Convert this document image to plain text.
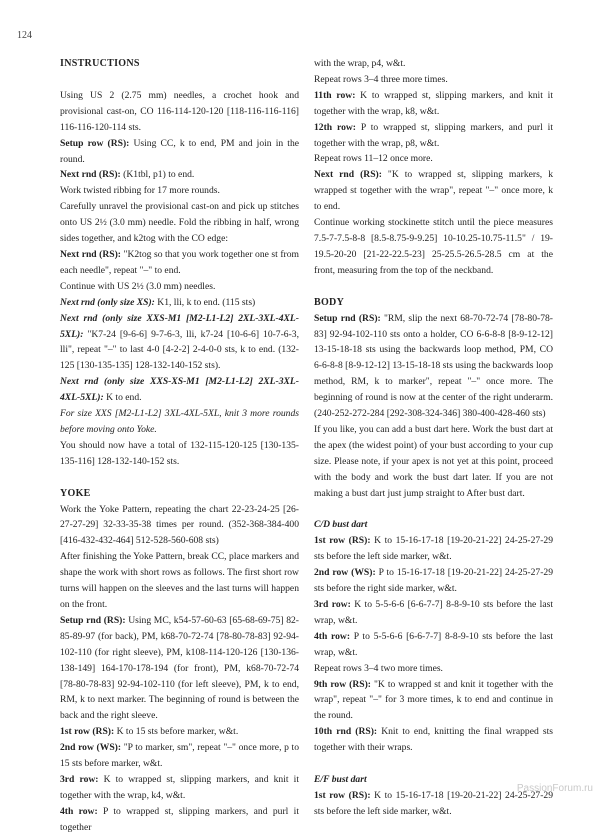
124
INSTRUCTIONS

Using US 2 (2.75 mm) needles, a crochet hook and provisional cast-on, CO 116-114-120-120 [118-116-116-116] 116-116-120-114 sts.

Setup row (RS): Using CC, k to end, PM and join in the round.

Next rnd (RS): (K1tbl, p1) to end.

Work twisted ribbing for 17 more rounds.

Carefully unravel the provisional cast-on and pick up stitches onto US 2½ (3.0 mm) needle. Fold the ribbing in half, wrong sides together, and k2tog with the CO edge:

Next rnd (RS): "K2tog so that you work together one st from each needle", repeat "–" to end.

Continue with US 2½ (3.0 mm) needles.

Next rnd (only size XS): K1, lli, k to end. (115 sts)

Next rnd (only size XXS-M1 [M2-L1-L2] 2XL-3XL-4XL-5XL): "K7-24 [9-6-6] 9-7-6-3, lli, k7-24 [10-6-6] 10-7-6-3, lli", repeat "–" to last 4-0 [4-2-2] 2-4-0-0 sts, k to end. (132-125 [130-135-135] 128-132-140-152 sts).

Next rnd (only size XXS-XS-M1 [M2-L1-L2] 2XL-3XL-4XL-5XL): K to end.

For size XXS [M2-L1-L2] 3XL-4XL-5XL, knit 3 more rounds before moving onto Yoke.

You should now have a total of 132-115-120-125 [130-135-135-116] 128-132-140-152 sts.

YOKE

Work the Yoke Pattern, repeating the chart 22-23-24-25 [26-27-27-29] 32-33-35-38 times per round. (352-368-384-400 [416-432-432-464] 512-528-560-608 sts)

After finishing the Yoke Pattern, break CC, place markers and shape the work with short rows as follows. The first short row turns will happen on the sleeves and the last turns will happen on the front.

Setup rnd (RS): Using MC, k54-57-60-63 [65-68-69-75] 82-85-89-97 (for back), PM, k68-70-72-74 [78-80-78-83] 92-94-102-110 (for right sleeve), PM, k108-114-120-126 [130-136-138-149] 164-170-178-194 (for front), PM, k68-70-72-74 [78-80-78-83] 92-94-102-110 (for left sleeve), PM, k to end, RM, k to next marker. The beginning of round is between the back and the right sleeve.

1st row (RS): K to 15 sts before marker, w&t.

2nd row (WS): "P to marker, sm", repeat "–" once more, p to 15 sts before marker, w&t.

3rd row: K to wrapped st, slipping markers, and knit it together with the wrap, k4, w&t.

4th row: P to wrapped st, slipping markers, and purl it together

with the wrap, p4, w&t.

Repeat rows 3–4 three more times.

11th row: K to wrapped st, slipping markers, and knit it together with the wrap, k8, w&t.

12th row: P to wrapped st, slipping markers, and purl it together with the wrap, p8, w&t.

Repeat rows 11–12 once more.

Next rnd (RS): "K to wrapped st, slipping markers, k wrapped st together with the wrap", repeat "–" once more, k to end.

Continue working stockinette stitch until the piece measures 7.5-7-7.5-8-8 [8.5-8.75-9-9.25] 10-10.25-10.75-11.5" / 19-19.5-20-20 [21-22-22.5-23] 25-25.5-26.5-28.5 cm at the front, measuring from the top of the neckband.

BODY

Setup rnd (RS): "RM, slip the next 68-70-72-74 [78-80-78-83] 92-94-102-110 sts onto a holder, CO 6-6-8-8 [8-9-12-12] 13-15-18-18 sts using the backwards loop method, PM, CO 6-6-8-8 [8-9-12-12] 13-15-18-18 sts using the backwards loop method, RM, k to marker", repeat "–" once more. The beginning of round is now at the center of the right underarm. (240-252-272-284 [292-308-324-346] 380-400-428-460 sts)

If you like, you can add a bust dart here. Work the bust dart at the apex (the widest point) of your bust according to your cup size. Please note, if your apex is not yet at this point, proceed with the body and work the bust dart later. If you are not making a bust dart just jump straight to After bust dart.

C/D bust dart

1st row (RS): K to 15-16-17-18 [19-20-21-22] 24-25-27-29 sts before the left side marker, w&t.

2nd row (WS): P to 15-16-17-18 [19-20-21-22] 24-25-27-29 sts before the right side marker, w&t.

3rd row: K to 5-5-6-6 [6-6-7-7] 8-8-9-10 sts before the last wrap, w&t.

4th row: P to 5-5-6-6 [6-6-7-7] 8-8-9-10 sts before the last wrap, w&t.

Repeat rows 3–4 two more times.

9th row (RS): "K to wrapped st and knit it together with the wrap", repeat "–" for 3 more times, k to end and continue in the round.

10th rnd (RS): Knit to end, knitting the final wrapped sts together with their wraps.

E/F bust dart

1st row (RS): K to 15-16-17-18 [19-20-21-22] 24-25-27-29 sts before the left side marker, w&t.

PassionForum.ru
